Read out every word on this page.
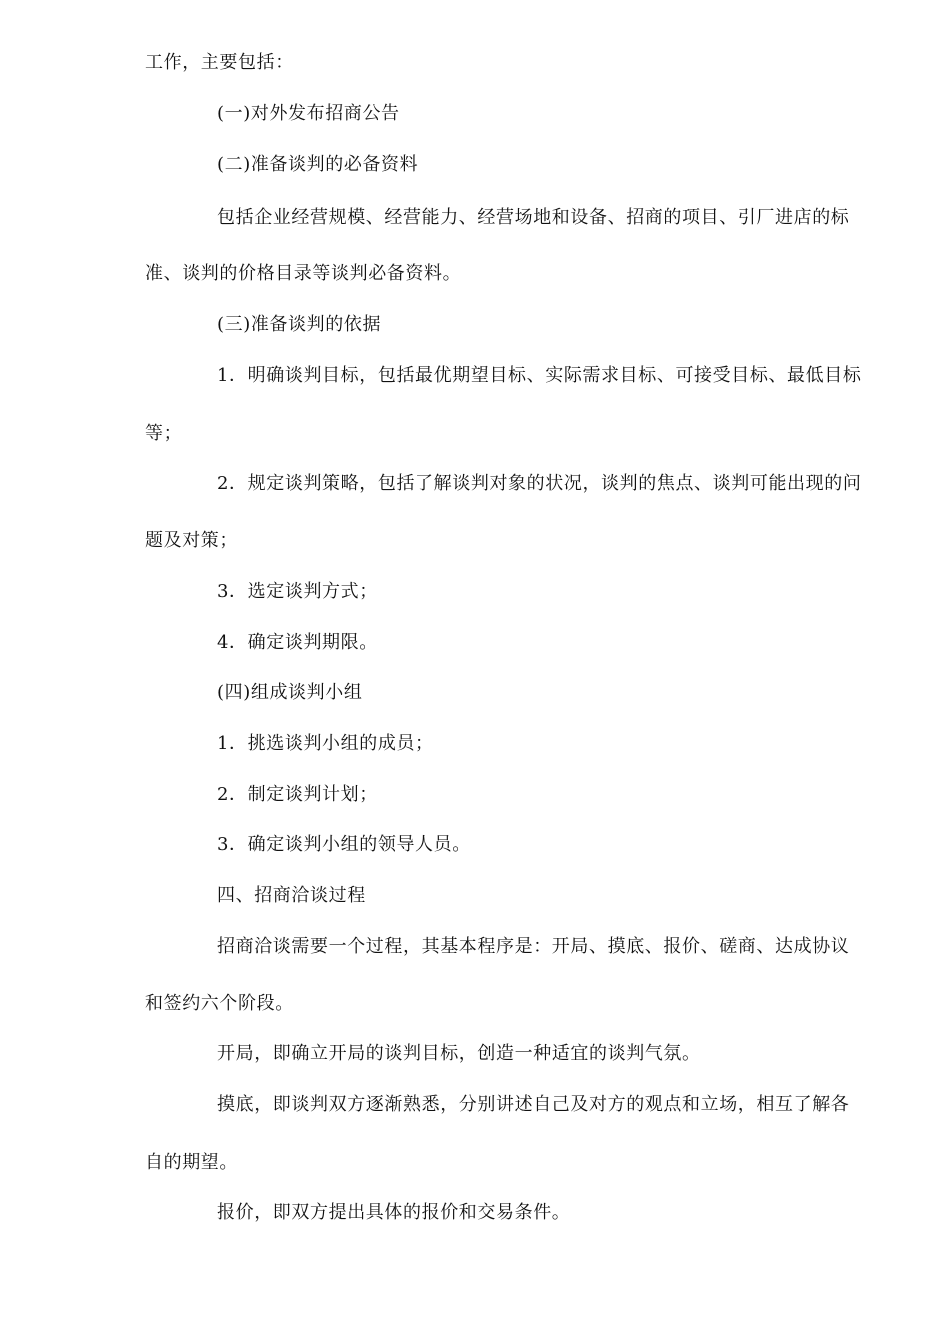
工作，主要包括：
(一)对外发布招商公告
(二)准备谈判的必备资料
包括企业经营规模、经营能力、经营场地和设备、招商的项目、引厂进店的标
准、谈判的价格目录等谈判必备资料。
(三)准备谈判的依据
1．明确谈判目标，包括最优期望目标、实际需求目标、可接受目标、最低目标
等；
2．规定谈判策略，包括了解谈判对象的状况，谈判的焦点、谈判可能出现的问
题及对策；
3．选定谈判方式；
4．确定谈判期限。
(四)组成谈判小组
1．挑选谈判小组的成员；
2．制定谈判计划；
3．确定谈判小组的领导人员。
四、招商洽谈过程
招商洽谈需要一个过程，其基本程序是：开局、摸底、报价、磋商、达成协议
和签约六个阶段。
开局，即确立开局的谈判目标，创造一种适宜的谈判气氛。
摸底，即谈判双方逐渐熟悉，分别讲述自己及对方的观点和立场，相互了解各
自的期望。
报价，即双方提出具体的报价和交易条件。
